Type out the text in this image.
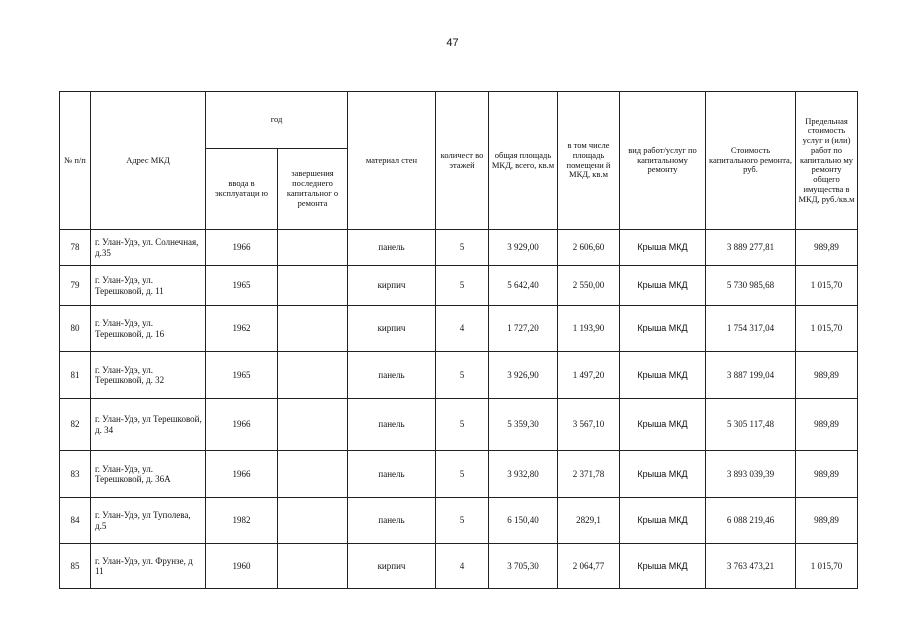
47
№ п/п	Адрес МКД	год		материал стен	количест во этажей	общая площадь МКД, всего, кв.м	в том числе площадь помещени й МКД, кв.м	вид работ/услуг по капитальному ремонту	Стоимость капитального ремонта, руб.	Предельная стоимость услуг и (или) работ по капитально му ремонту общего имущества в МКД, руб./кв.м
		ввода в эксплуатаци ю	завершения последнего капитальног о ремонта							
78	г. Улан-Удэ, ул. Солнечная, д.35	1966		панель	5	3 929,00	2 606,60	Крыша МКД	3 889 277,81	989,89
79	г. Улан-Удэ, ул. Терешковой, д. 11	1965		кирпич	5	5 642,40	2 550,00	Крыша МКД	5 730 985,68	1 015,70
80	г. Улан-Удэ, ул. Терешковой, д. 16	1962		кирпич	4	1 727,20	1 193,90	Крыша МКД	1 754 317,04	1 015,70
81	г. Улан-Удэ, ул. Терешковой, д. 32	1965		панель	5	3 926,90	1 497,20	Крыша МКД	3 887 199,04	989,89
82	г. Улан-Удэ, ул Терешковой, д. 34	1966		панель	5	5 359,30	3 567,10	Крыша МКД	5 305 117,48	989,89
83	г. Улан-Удэ, ул. Терешковой, д. 36А	1966		панель	5	3 932,80	2 371,78	Крыша МКД	3 893 039,39	989,89
84	г. Улан-Удэ, ул Туполева, д.5	1982		панель	5	6 150,40	2829,1	Крыша МКД	6 088 219,46	989,89
85	г. Улан-Удэ, ул. Фрунзе, д 11	1960		кирпич	4	3 705,30	2 064,77	Крыша МКД	3 763 473,21	1 015,70
